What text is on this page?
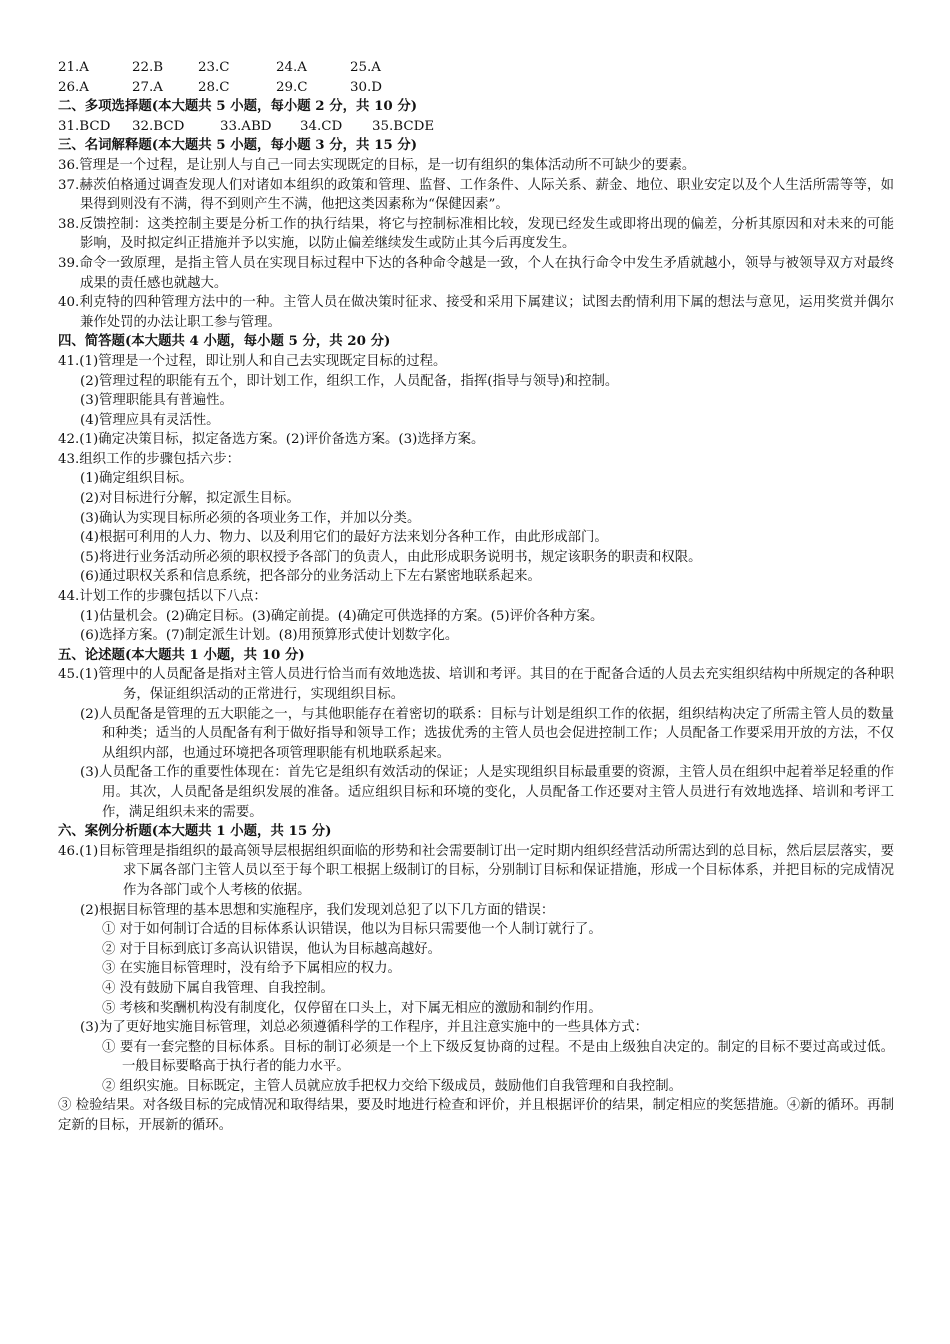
21.A	22.B	23.C	24.A	25.A
26.A	27.A	28.C	29.C	30.D
二、多项选择题(本大题共 5 小题，每小题 2 分，共 10 分)
31.BCD 32.BCD	33.ABD 34.CD 35.BCDE
三、名词解释题(本大题共 5 小题，每小题 3 分，共 15 分)
36.管理是一个过程，是让别人与自己一同去实现既定的目标，是一切有组织的集体活动所不可缺少的要素。
37.赫茨伯格通过调查发现人们对诸如本组织的政策和管理、监督、工作条件、人际关系、薪金、地位、职业安定以及个人生活所需等等，如果得到则没有不满，得不到则产生不满，他把这类因素称为“保健因素”。
38.反馈控制：这类控制主要是分析工作的执行结果，将它与控制标准相比较，发现已经发生或即将出现的偏差，分析其原因和对未来的可能影响，及时拟定纠正措施并予以实施，以防止偏差继续发生或防止其今后再度发生。
39.命令一致原理，是指主管人员在实现目标过程中下达的各种命令越是一致，个人在执行命令中发生矛盾就越小，领导与被领导双方对最终成果的责任感也就越大。
40.利克特的四种管理方法中的一种。主管人员在做决策时征求、接受和采用下属建议；试图去酌情利用下属的想法与意见，运用奖赏并偶尔兼作处罚的办法让职工参与管理。
四、简答题(本大题共 4 小题，每小题 5 分，共 20 分)
41.(1)管理是一个过程，即让别人和自己去实现既定目标的过程。
(2)管理过程的职能有五个，即计划工作，组织工作，人员配备，指挥(指导与领导)和控制。
(3)管理职能具有普遍性。
(4)管理应具有灵活性。
42.(1)确定决策目标，拟定备选方案。(2)评价备选方案。(3)选择方案。
43.组织工作的步骤包括六步：
(1)确定组织目标。
(2)对目标进行分解，拟定派生目标。
(3)确认为实现目标所必须的各项业务工作，并加以分类。
(4)根据可利用的人力、物力、以及利用它们的最好方法来划分各种工作，由此形成部门。
(5)将进行业务活动所必须的职权授予各部门的负责人，由此形成职务说明书，规定该职务的职责和权限。
(6)通过职权关系和信息系统，把各部分的业务活动上下左右紧密地联系起来。
44.计划工作的步骤包括以下八点：
(1)估量机会。(2)确定目标。(3)确定前提。(4)确定可供选择的方案。(5)评价各种方案。
(6)选择方案。(7)制定派生计划。(8)用预算形式使计划数字化。
五、论述题(本大题共 1 小题，共 10 分)
45.(1)管理中的人员配备是指对主管人员进行恰当而有效地选拔、培训和考评。其目的在于配备合适的人员去充实组织结构中所规定的各种职务，保证组织活动的正常进行，实现组织目标。
(2)人员配备是管理的五大职能之一，与其他职能存在着密切的联系：目标与计划是组织工作的依据，组织结构决定了所需主管人员的数量和种类；适当的人员配备有利于做好指导和领导工作；选拔优秀的主管人员也会促进控制工作；人员配备工作要采用开放的方法，不仅从组织内部，也通过环境把各项管理职能有机地联系起来。
(3)人员配备工作的重要性体现在：首先它是组织有效活动的保证；人是实现组织目标最重要的资源，主管人员在组织中起着举足轻重的作用。其次，人员配备是组织发展的准备。适应组织目标和环境的变化，人员配备工作还要对主管人员进行有效地选择、培训和考评工作，满足组织未来的需要。
六、案例分析题(本大题共 1 小题，共 15 分)
46.(1)目标管理是指组织的最高领导层根据组织面临的形势和社会需要制订出一定时期内组织经营活动所需达到的总目标，然后层层落实，要求下属各部门主管人员以至于每个职工根据上级制订的目标，分别制订目标和保证措施，形成一个目标体系，并把目标的完成情况作为各部门或个人考核的依据。
(2)根据目标管理的基本思想和实施程序，我们发现刘总犯了以下几方面的错误：
① 对于如何制订合适的目标体系认识错误，他以为目标只需要他一个人制订就行了。
② 对于目标到底订多高认识错误，他认为目标越高越好。
③ 在实施目标管理时，没有给予下属相应的权力。
④ 没有鼓励下属自我管理、自我控制。
⑤ 考核和奖酬机构没有制度化，仅停留在口头上，对下属无相应的激励和制约作用。
(3)为了更好地实施目标管理，刘总必须遵循科学的工作程序，并且注意实施中的一些具体方式：
① 要有一套完整的目标体系。目标的制订必须是一个上下级反复协商的过程。不是由上级独自决定的。制定的目标不要过高或过低。一般目标要略高于执行者的能力水平。
② 组织实施。目标既定，主管人员就应放手把权力交给下级成员，鼓励他们自我管理和自我控制。
③ 检验结果。对各级目标的完成情况和取得结果，要及时地进行检查和评价，并且根据评价的结果，制定相应的奖惩措施。④新的循环。再制定新的目标，开展新的循环。
